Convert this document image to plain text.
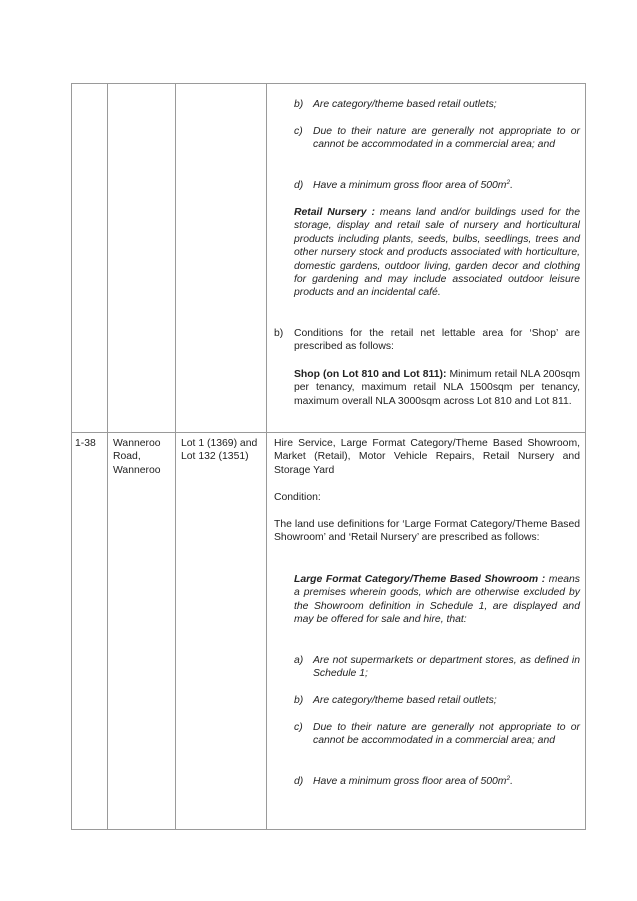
b) Are category/theme based retail outlets;
c) Due to their nature are generally not appropriate to or cannot be accommodated in a commercial area; and
d) Have a minimum gross floor area of $500m^2$.
Retail Nursery : means land and/or buildings used for the storage, display and retail sale of nursery and horticultural products including plants, seeds, bulbs, seedlings, trees and other nursery stock and products associated with horticulture, domestic gardens, outdoor living, garden decor and clothing for gardening and may include associated outdoor leisure products and an incidental café.
b) Conditions for the retail net lettable area for ‘Shop’ are prescribed as follows:
Shop (on Lot 810 and Lot 811): Minimum retail NLA 200sqm per tenancy, maximum retail NLA 1500sqm per tenancy, maximum overall NLA 3000sqm across Lot 810 and Lot 811.
1-38	Wanneroo Road, Wanneroo
Lot 1 (1369) and Lot 132 (1351)
Hire Service, Large Format Category/Theme Based Showroom, Market (Retail), Motor Vehicle Repairs, Retail Nursery and Storage Yard
Condition:
The land use definitions for ‘Large Format Category/Theme Based Showroom’ and ‘Retail Nursery’ are prescribed as follows:
Large Format Category/Theme Based Showroom : means a premises wherein goods, which are otherwise excluded by the Showroom definition in Schedule 1, are displayed and may be offered for sale and hire, that:
a) Are not supermarkets or department stores, as defined in Schedule 1;
b) Are category/theme based retail outlets;
c) Due to their nature are generally not appropriate to or cannot be accommodated in a commercial area; and
d) Have a minimum gross floor area of $500m^2$.
